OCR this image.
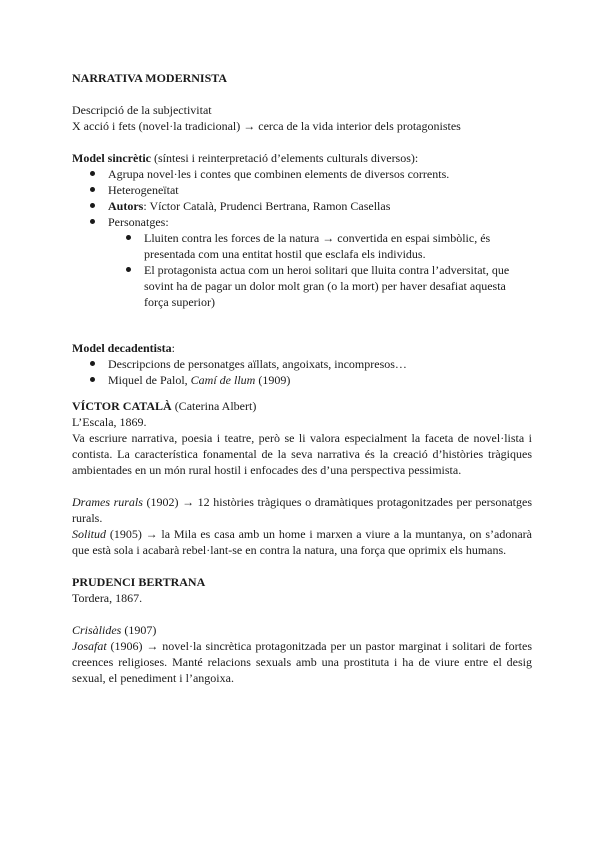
NARRATIVA MODERNISTA

Descripció de la subjectivitat

X acció i fets (novel·la tradicional) → cerca de la vida interior dels protagonistes

Model sincrètic (síntesi i reinterpretació d’elements culturals diversos):

Agrupa novel·les i contes que combinen elements de diversos corrents.
Heterogeneïtat
Autors: Víctor Català, Prudenci Bertrana, Ramon Casellas
Personatges:
Lluiten contra les forces de la natura → convertida en espai simbòlic, és presentada com una entitat hostil que esclafa els individus.
El protagonista actua com un heroi solitari que lluita contra l’adversitat, que sovint ha de pagar un dolor molt gran (o la mort) per haver desafiat aquesta força superior)

Model decadentista:

Descripcions de personatges aïllats, angoixats, incompresos…
Miquel de Palol, Camí de llum (1909)

VÍCTOR CATALÀ (Caterina Albert)

L’Escala, 1869.

Va escriure narrativa, poesia i teatre, però se li valora especialment la faceta de novel·lista i contista. La característica fonamental de la seva narrativa és la creació d’històries tràgiques ambientades en un món rural hostil i enfocades des d’una perspectiva pessimista.

Drames rurals (1902) → 12 històries tràgiques o dramàtiques protagonitzades per personatges rurals.

Solitud (1905) → la Mila es casa amb un home i marxen a viure a la muntanya, on s’adonarà que està sola i acabarà rebel·lant-se en contra la natura, una força que oprimix els humans.

PRUDENCI BERTRANA

Tordera, 1867.

Crisàlides (1907)

Josafat (1906) → novel·la sincrètica protagonitzada per un pastor marginat i solitari de fortes creences religioses. Manté relacions sexuals amb una prostituta i ha de viure entre el desig sexual, el penediment i l’angoixa.
